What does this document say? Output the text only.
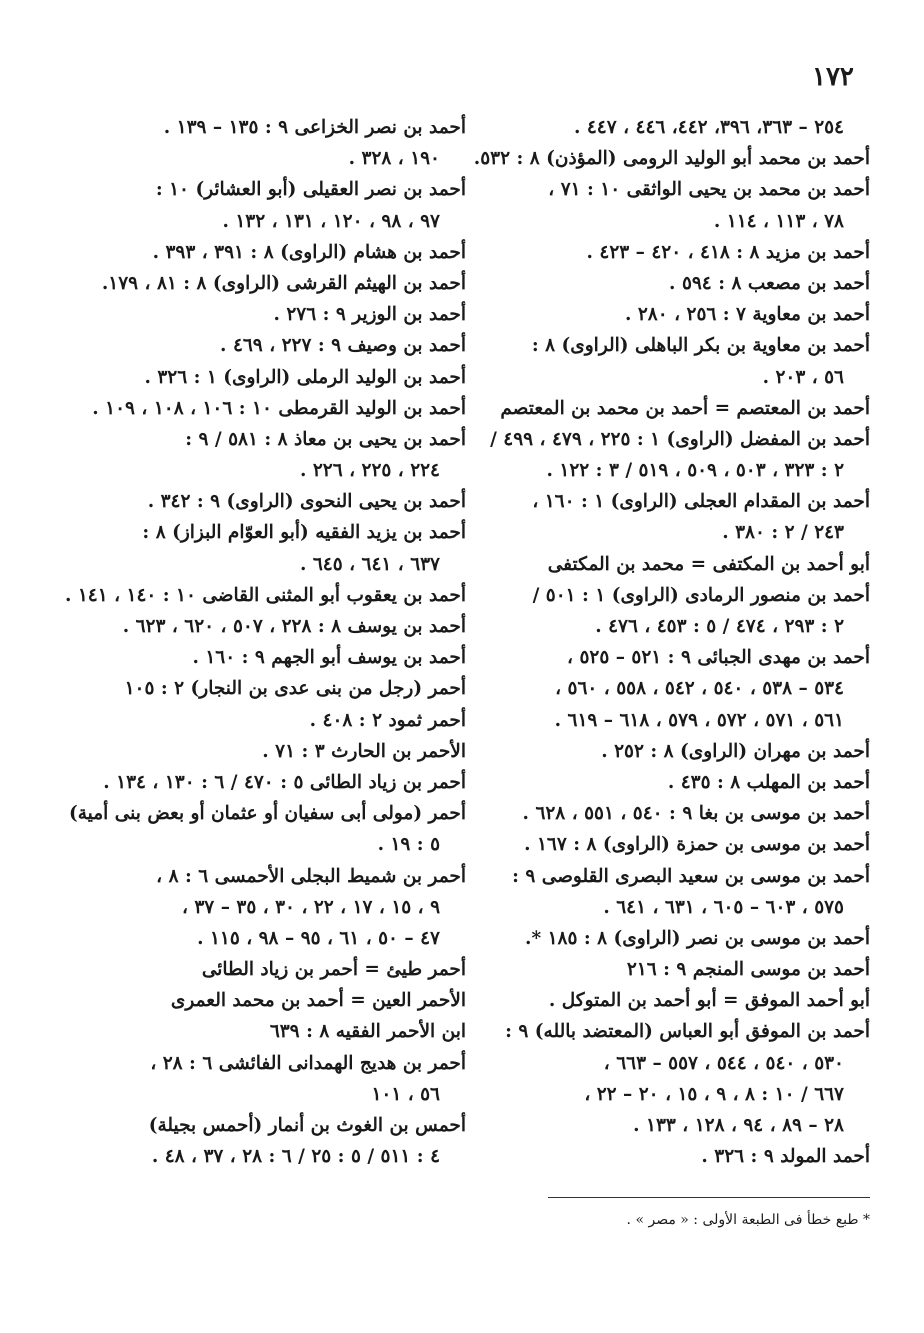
١٧٢
٢٥٤ – ٣٦٣، ٣٩٦، ٤٤٢، ٤٤٦ ، ٤٤٧ .
أحمد بن محمد أبو الوليد الرومى (المؤذن) ٨ : ٥٣٢.
أحمد بن محمد بن يحيى الواثقى ١٠ : ٧١ ،
٧٨ ، ١١٣ ، ١١٤ .
أحمد بن مزيد ٨ : ٤١٨ ، ٤٢٠ – ٤٢٣ .
أحمد بن مصعب ٨ : ٥٩٤ .
أحمد بن معاوية ٧ : ٢٥٦ ، ٢٨٠ .
أحمد بن معاوية بن بكر الباهلى (الراوى) ٨ :
٥٦ ، ٢٠٣ .
أحمد بن المعتصم = أحمد بن محمد بن المعتصم
أحمد بن المفضل (الراوى) ١ : ٢٢٥ ، ٤٧٩ ، ٤٩٩ /
٢ : ٣٢٣ ، ٥٠٣ ، ٥٠٩ ، ٥١٩ / ٣ : ١٢٢ .
أحمد بن المقدام العجلى (الراوى) ١ : ١٦٠ ،
٢٤٣ / ٢ : ٣٨٠ .
أبو أحمد بن المكتفى = محمد بن المكتفى
أحمد بن منصور الرمادى (الراوى) ١ : ٥٠١ /
٢ : ٢٩٣ ، ٤٧٤ / ٥ : ٤٥٣ ، ٤٧٦ .
أحمد بن مهدى الجبائى ٩ : ٥٢١ – ٥٢٥ ،
٥٣٤ – ٥٣٨ ، ٥٤٠ ، ٥٤٢ ، ٥٥٨ ، ٥٦٠ ،
٥٦١ ، ٥٧١ ، ٥٧٢ ، ٥٧٩ ، ٦١٨ – ٦١٩ .
أحمد بن مهران (الراوى) ٨ : ٢٥٢ .
أحمد بن المهلب ٨ : ٤٣٥ .
أحمد بن موسى بن بغا ٩ : ٥٤٠ ، ٥٥١ ، ٦٢٨ .
أحمد بن موسى بن حمزة (الراوى) ٨ : ١٦٧ .
أحمد بن موسى بن سعيد البصرى القلوصى ٩ :
٥٧٥ ، ٦٠٣ – ٦٠٥ ، ٦٣١ ، ٦٤١ .
أحمد بن موسى بن نصر (الراوى) ٨ : ١٨٥ *.
أحمد بن موسى المنجم ٩ : ٢١٦
أبو أحمد الموفق = أبو أحمد بن المتوكل .
أحمد بن الموفق أبو العباس (المعتضد بالله) ٩ :
٥٣٠ ، ٥٤٠ ، ٥٤٤ ، ٥٥٧ – ٦٦٣ ،
٦٦٧ / ١٠ : ٨ ، ٩ ، ١٥ ، ٢٠ – ٢٢ ،
٢٨ – ٨٩ ، ٩٤ ، ١٢٨ ، ١٣٣ .
أحمد المولد ٩ : ٣٢٦ .
أحمد بن نصر الخزاعى ٩ : ١٣٥ – ١٣٩ .
١٩٠ ، ٣٢٨ .
أحمد بن نصر العقيلى (أبو العشائر) ١٠ :
٩٧ ، ٩٨ ، ١٢٠ ، ١٣١ ، ١٣٢ .
أحمد بن هشام (الراوى) ٨ : ٣٩١ ، ٣٩٣ .
أحمد بن الهيثم القرشى (الراوى) ٨ : ٨١ ، ١٧٩.
أحمد بن الوزير ٩ : ٢٧٦ .
أحمد بن وصيف ٩ : ٢٢٧ ، ٤٦٩ .
أحمد بن الوليد الرملى (الراوى) ١ : ٣٢٦ .
أحمد بن الوليد القرمطى ١٠ : ١٠٦ ، ١٠٨ ، ١٠٩ .
أحمد بن يحيى بن معاذ ٨ : ٥٨١ / ٩ :
٢٢٤ ، ٢٢٥ ، ٢٢٦ .
أحمد بن يحيى النحوى (الراوى) ٩ : ٣٤٢ .
أحمد بن يزيد الفقيه (أبو العوّام البزاز) ٨ :
٦٣٧ ، ٦٤١ ، ٦٤٥ .
أحمد بن يعقوب أبو المثنى القاضى ١٠ : ١٤٠ ، ١٤١ .
أحمد بن يوسف ٨ : ٢٢٨ ، ٥٠٧ ، ٦٢٠ ، ٦٢٣ .
أحمد بن يوسف أبو الجهم ٩ : ١٦٠ .
أحمر (رجل من بنى عدى بن النجار) ٢ : ١٠٥
أحمر ثمود ٢ : ٤٠٨ .
الأحمر بن الحارث ٣ : ٧١ .
أحمر بن زياد الطائى ٥ : ٤٧٠ / ٦ : ١٣٠ ، ١٣٤ .
أحمر (مولى أبى سفيان أو عثمان أو بعض بنى أمية)
٥ : ١٩ .
أحمر بن شميط البجلى الأحمسى ٦ : ٨ ،
٩ ، ١٥ ، ١٧ ، ٢٢ ، ٣٠ ، ٣٥ – ٣٧ ،
٤٧ – ٥٠ ، ٦١ ، ٩٥ – ٩٨ ، ١١٥ .
أحمر طيئ = أحمر بن زياد الطائى
الأحمر العين = أحمد بن محمد العمرى
ابن الأحمر الفقيه ٨ : ٦٣٩
أحمر بن هديج الهمدانى الفائشى ٦ : ٢٨ ،
٥٦ ، ١٠١
أحمس بن الغوث بن أنمار (أحمس بجيلة)
٤ : ٥١١ / ٥ : ٢٥ / ٦ : ٢٨ ، ٣٧ ، ٤٨ .
* طبع خطأ فى الطبعة الأولى : « مصر » .
